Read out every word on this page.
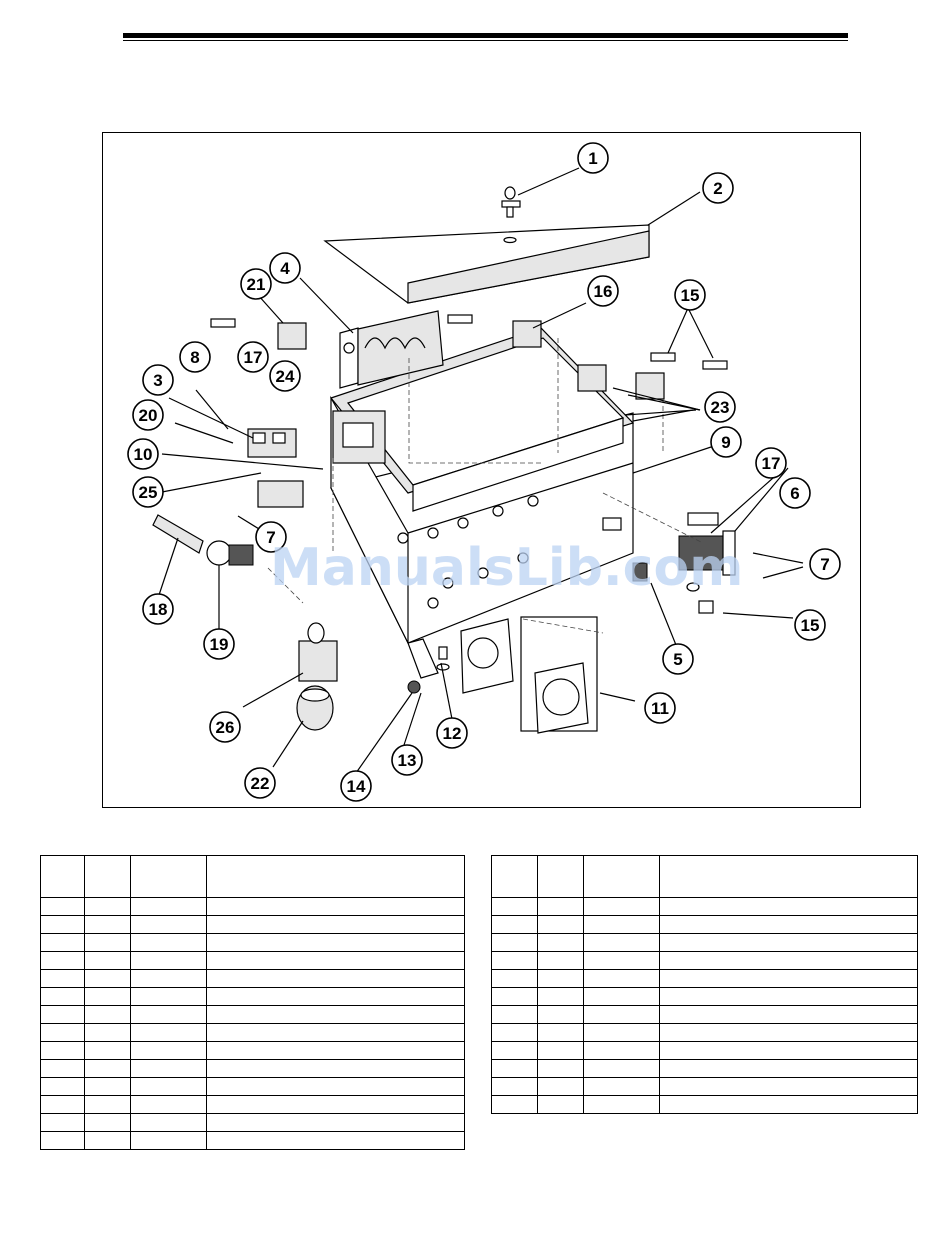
1
2
3
4
5
6
7
7
8
9
10
11
12
13
14
15
15
16
17
17
18
19
20
21
22
23
24
25
26
ManualsLib.com
